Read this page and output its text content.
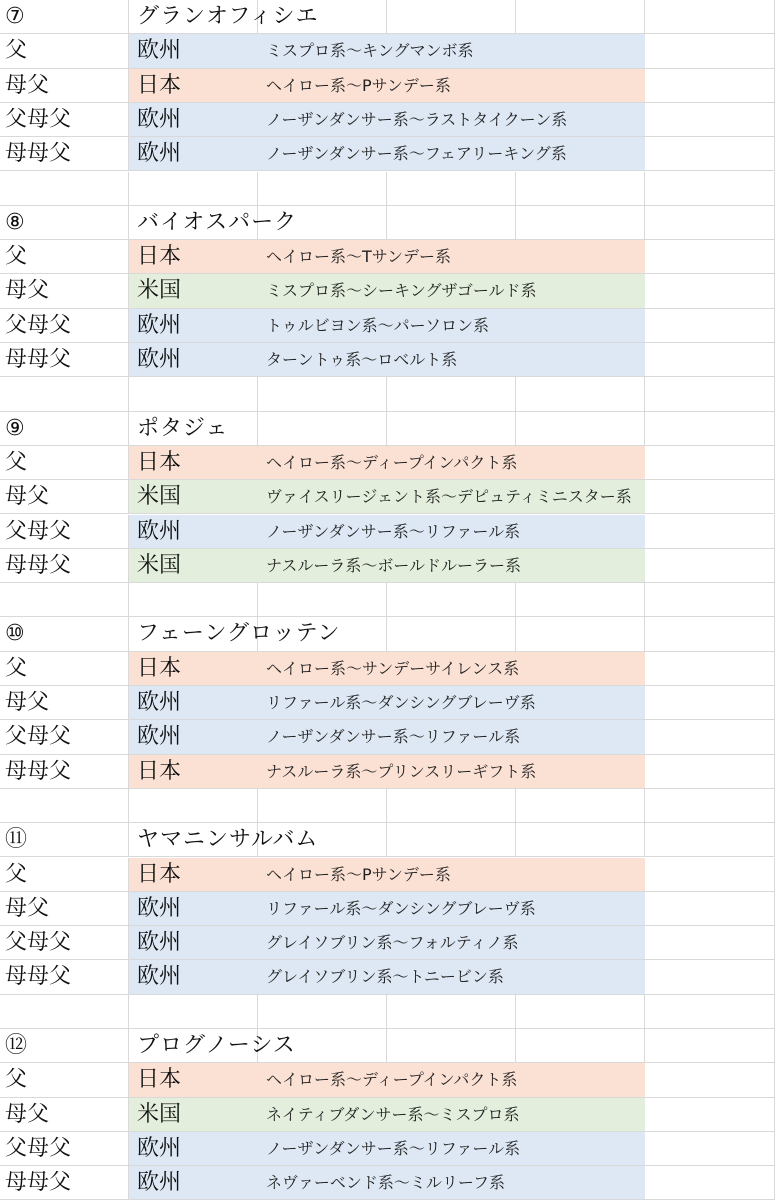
⑦	グランオフィシエ
父	欧州	ミスプロ系～キングマンボ系
母父	日本	ヘイロー系～Pサンデー系
父母父	欧州	ノーザンダンサー系～ラストタイクーン系
母母父	欧州	ノーザンダンサー系～フェアリーキング系
⑧	バイオスパーク
父	日本	ヘイロー系～Tサンデー系
母父	米国	ミスプロ系～シーキングザゴールド系
父母父	欧州	トゥルビヨン系～パーソロン系
母母父	欧州	ターントゥ系～ロベルト系
⑨	ポタジェ
父	日本	ヘイロー系～ディープインパクト系
母父	米国	ヴァイスリージェント系～デピュティミニスター系
父母父	欧州	ノーザンダンサー系～リファール系
母母父	米国	ナスルーラ系～ボールドルーラー系
⑩	フェーングロッテン
父	日本	ヘイロー系～サンデーサイレンス系
母父	欧州	リファール系～ダンシングブレーヴ系
父母父	欧州	ノーザンダンサー系～リファール系
母母父	日本	ナスルーラ系～プリンスリーギフト系
⑪	ヤマニンサルバム
父	日本	ヘイロー系～Pサンデー系
母父	欧州	リファール系～ダンシングブレーヴ系
父母父	欧州	グレイソブリン系～フォルティノ系
母母父	欧州	グレイソブリン系～トニービン系
⑫	プログノーシス
父	日本	ヘイロー系～ディープインパクト系
母父	米国	ネイティブダンサー系～ミスプロ系
父母父	欧州	ノーザンダンサー系～リファール系
母母父	欧州	ネヴァーベンド系～ミルリーフ系
